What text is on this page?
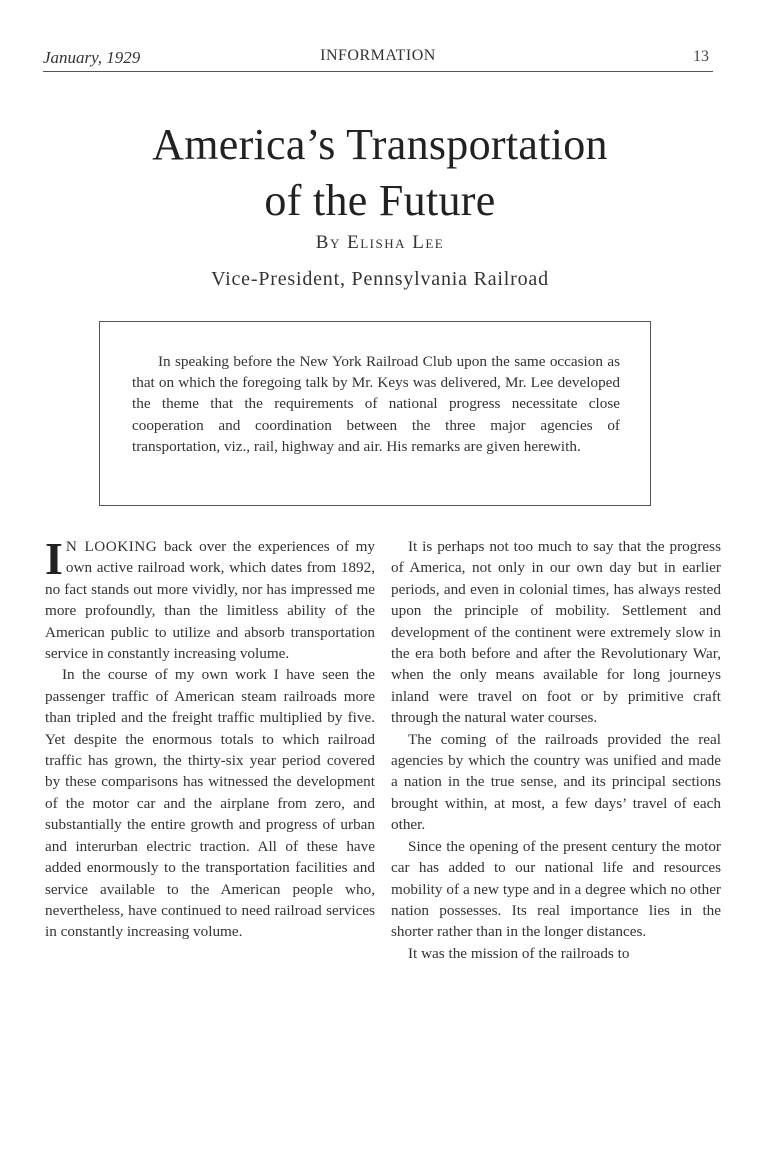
January, 1929	INFORMATION	13
America’s Transportation
of the Future
By Elisha Lee
Vice-President, Pennsylvania Railroad

In speaking before the New York Railroad Club upon the same occasion as that on which the foregoing talk by Mr. Keys was delivered, Mr. Lee developed the theme that the requirements of national progress necessitate close cooperation and coordination between the three major agencies of transportation, viz., rail, highway and air. His remarks are given herewith.

I N LOOKING back over the experiences of my own active railroad work, which dates from 1892, no fact stands out more vividly, nor has impressed me more profoundly, than the limitless ability of the American public to utilize and absorb transportation service in constantly increasing volume.

In the course of my own work I have seen the passenger traffic of American steam railroads more than tripled and the freight traffic multiplied by five. Yet despite the enormous totals to which railroad traffic has grown, the thirty-six year period covered by these comparisons has witnessed the development of the motor car and the airplane from zero, and substantially the entire growth and progress of urban and interurban electric traction. All of these have added enormously to the transportation facilities and service available to the American people who, nevertheless, have continued to need railroad services in constantly increasing volume.

It is perhaps not too much to say that the progress of America, not only in our own day but in earlier periods, and even in colonial times, has always rested upon the principle of mobility. Settlement and development of the continent were extremely slow in the era both before and after the Revolutionary War, when the only means available for long journeys inland were travel on foot or by primitive craft through the natural water courses.

The coming of the railroads provided the real agencies by which the country was unified and made a nation in the true sense, and its principal sections brought within, at most, a few days’ travel of each other.

Since the opening of the present century the motor car has added to our national life and resources mobility of a new type and in a degree which no other nation possesses. Its real importance lies in the shorter rather than in the longer distances.

It was the mission of the railroads to
